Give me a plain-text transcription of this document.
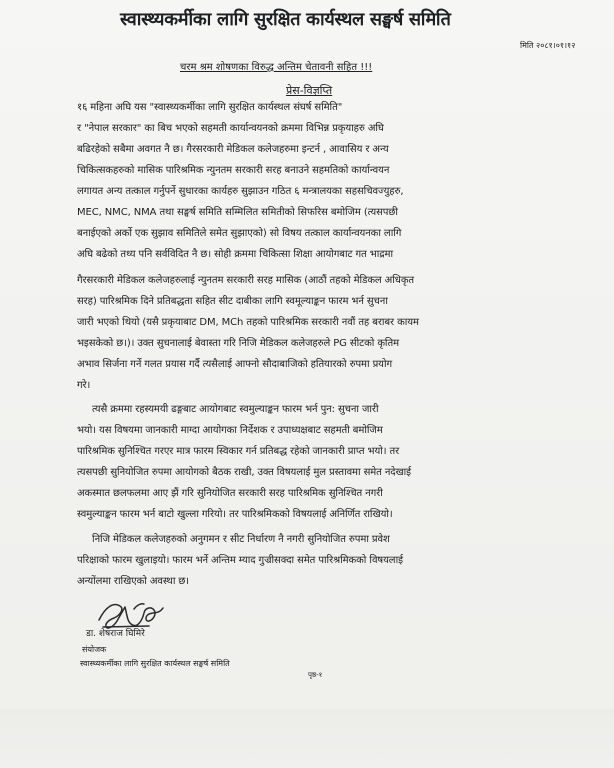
स्वास्थ्यकर्मीका लागि सुरक्षित कार्यस्थल सङ्घर्ष समिति
मिति २०८१।०१।१२
चरम श्रम शोषणका विरुद्ध अन्तिम चेतावनी सहित !!!
प्रेस-विज्ञप्ति
१६ महिना अघि यस "स्वास्थ्यकर्मीका लागि सुरक्षित कार्यस्थल संघर्ष समिति"
र "नेपाल सरकार" का बिच भएको सहमती कार्यान्वयनको क्रममा विभिन्न प्रकृयाहरु अघि
बढिरहेको सबैमा अवगत नै छ। गैरसरकारी मेडिकल कलेजहरुमा इन्टर्न , आवासिय र अन्य
चिकित्सकहरुको मासिक पारिश्रमिक न्युनतम सरकारी सरह बनाउने सहमतिको कार्यान्वयन
लगायत अन्य तत्काल गर्नुपर्ने सुधारका कार्यहरु सुझाउन गठित ६ मन्त्रालयका सहसचिवज्युहरु,
MEC, NMC, NMA तथा सङ्घर्ष समिति सम्मिलित समितीको सिफरिस बमोजिम (त्यसपछी
बनाईएको अर्को एक सुझाव समितिले समेत सुझाएको) सो विषय तत्काल कार्यान्वयनका लागि
अघि बढेको तथ्य पनि सर्वविदित नै छ। सोही क्रममा चिकित्सा शिक्षा आयोगबाट गत भाद्रमा
गैरसरकारी मेडिकल कलेजहरुलाई न्युनतम सरकारी सरह मासिक (आठौं तहको मेडिकल अधिकृत
सरह) पारिश्रमिक दिने प्रतिबद्धता सहित सीट दाबीका लागि स्वमूल्याङ्कन फारम भर्न सुचना
जारी भएको थियो (यसै प्रकृयाबाट DM, MCh तहको पारिश्रमिक सरकारी नवौं तह बराबर कायम
भइसकेको छ।)। उक्त सुचनालाई बेवास्ता गरि निजि मेडिकल कलेजहरुले PG सीटको कृतिम
अभाव सिर्जना गर्ने गलत प्रयास गर्दै त्यसैलाई आफ्नो सौदाबाजिको हतियारको रुपमा प्रयोग
गरे।
त्यसै क्रममा रहस्यमयी ढङ्गबाट आयोगबाट स्वमुल्याङ्कन फारम भर्न पुन: सुचना जारी
भयो। यस विषयमा जानकारी माग्दा आयोगका निर्देशक र उपाध्यक्षबाट सहमती बमोजिम
पारिश्रमिक सुनिश्चित गरएर मात्र फारम स्विकार गर्न प्रतिबद्ध रहेको जानकारी प्राप्त भयो। तर
त्यसपछी सुनियोजित रुपमा आयोगको बैठक राखी, उक्त विषयलाई मुल प्रस्तावमा समेत नदेखाई
अकस्मात छलफलमा आए झैं गरि सुनियोजित सरकारी सरह पारिश्रमिक सुनिश्चित नगरी
स्वमुल्याङ्कन फारम भर्न बाटो खुल्ला गरियो। तर पारिश्रमिकको विषयलाई अनिर्णित राखियो।
निजि मेडिकल कलेजहरुको अनुगमन र सीट निर्धारण नै नगरी सुनियोजित रुपमा प्रवेश
परिक्षाको फारम खुलाइयो। फारम भर्ने अन्तिम म्याद गुज्रीसक्दा समेत पारिश्रमिकको विषयलाई
अन्योंलमा राखिएको अवस्था छ।
डा. शेषराज घिमिरे
संयोजक
स्वास्थ्यकर्मीका लागि सुरक्षित कार्यस्थल सङ्घर्ष समिति
पृष्ठ-१
